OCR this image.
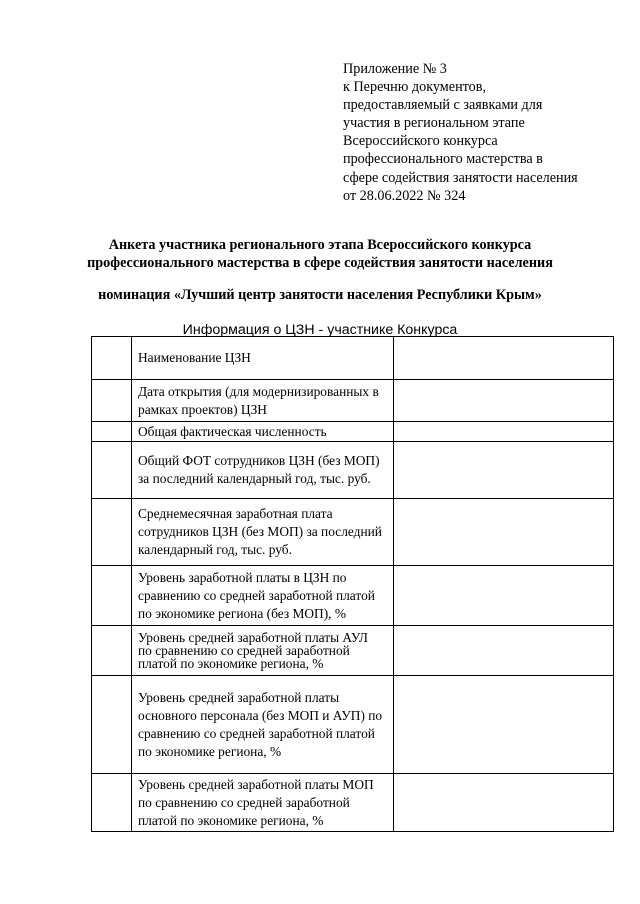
Приложение № 3
к Перечню документов,
предоставляемый с заявками для
участия в региональном этапе
Всероссийского конкурса
профессионального мастерства в
сфере содействия занятости населения
от 28.06.2022 № 324
Анкета участника регионального этапа Всероссийского конкурса
профессионального мастерства в сфере содействия занятости населения
номинация «Лучший центр занятости населения Республики Крым»
Информация о ЦЗН - участнике Конкурса

	Наименование ЦЗН	

	Дата открытия (для модернизированных в
рамках проектов) ЦЗН	

	Общая фактическая численность	

	Общий ФОТ сотрудников ЦЗН (без МОП)
за последний календарный год, тыс. руб.	

	Среднемесячная заработная плата
сотрудников ЦЗН (без МОП) за последний
календарный год, тыс. руб.	

	Уровень заработной платы в ЦЗН по
сравнению со средней заработной платой
по экономике региона (без МОП), %	

	Уровень средней заработной платы АУЛ
по сравнению со средней заработной
платой по экономике региона, %	

	Уровень средней заработной платы
основного персонала (без МОП и АУП) по
сравнению со средней заработной платой
по экономике региона, %	

	Уровень средней заработной платы МОП
по сравнению со средней заработной
платой по экономике региона, %	
